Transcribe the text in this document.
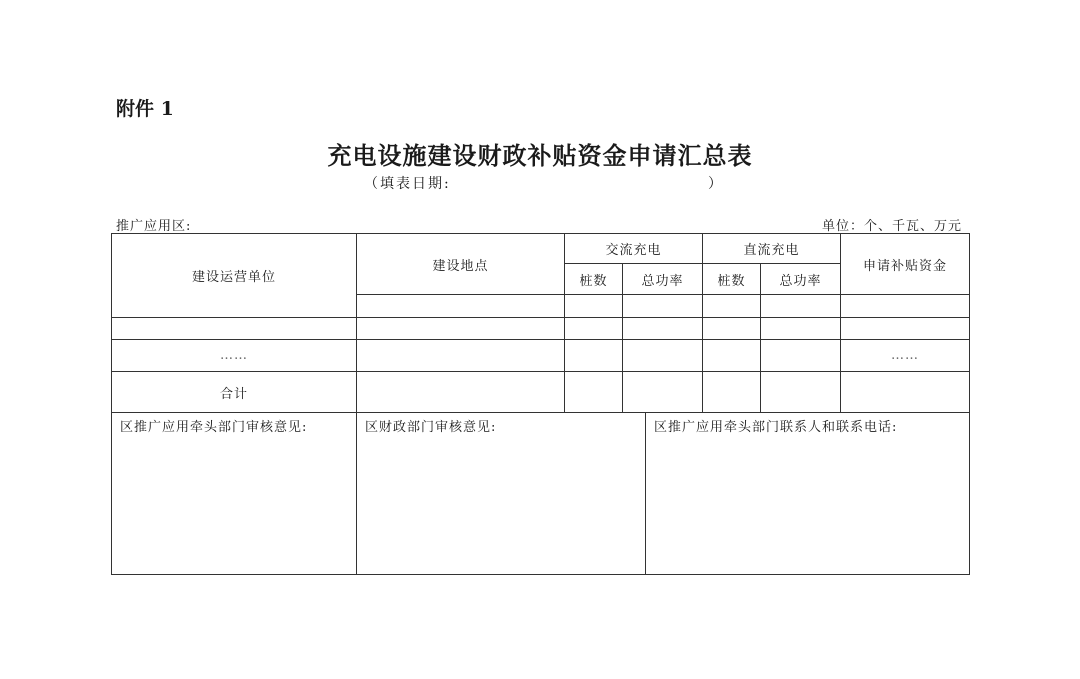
附件 1
充电设施建设财政补贴资金申请汇总表
（填表日期:	）
推广应用区:	单位：个、千瓦、万元
建设运营单位	建设地点	交流充电		直流充电		申请补贴资金
		桩数	总功率	桩数	总功率	

……						……
合计						
区推广应用牵头部门审核意见:	区财政部门审核意见:	区推广应用牵头部门联系人和联系电话:
